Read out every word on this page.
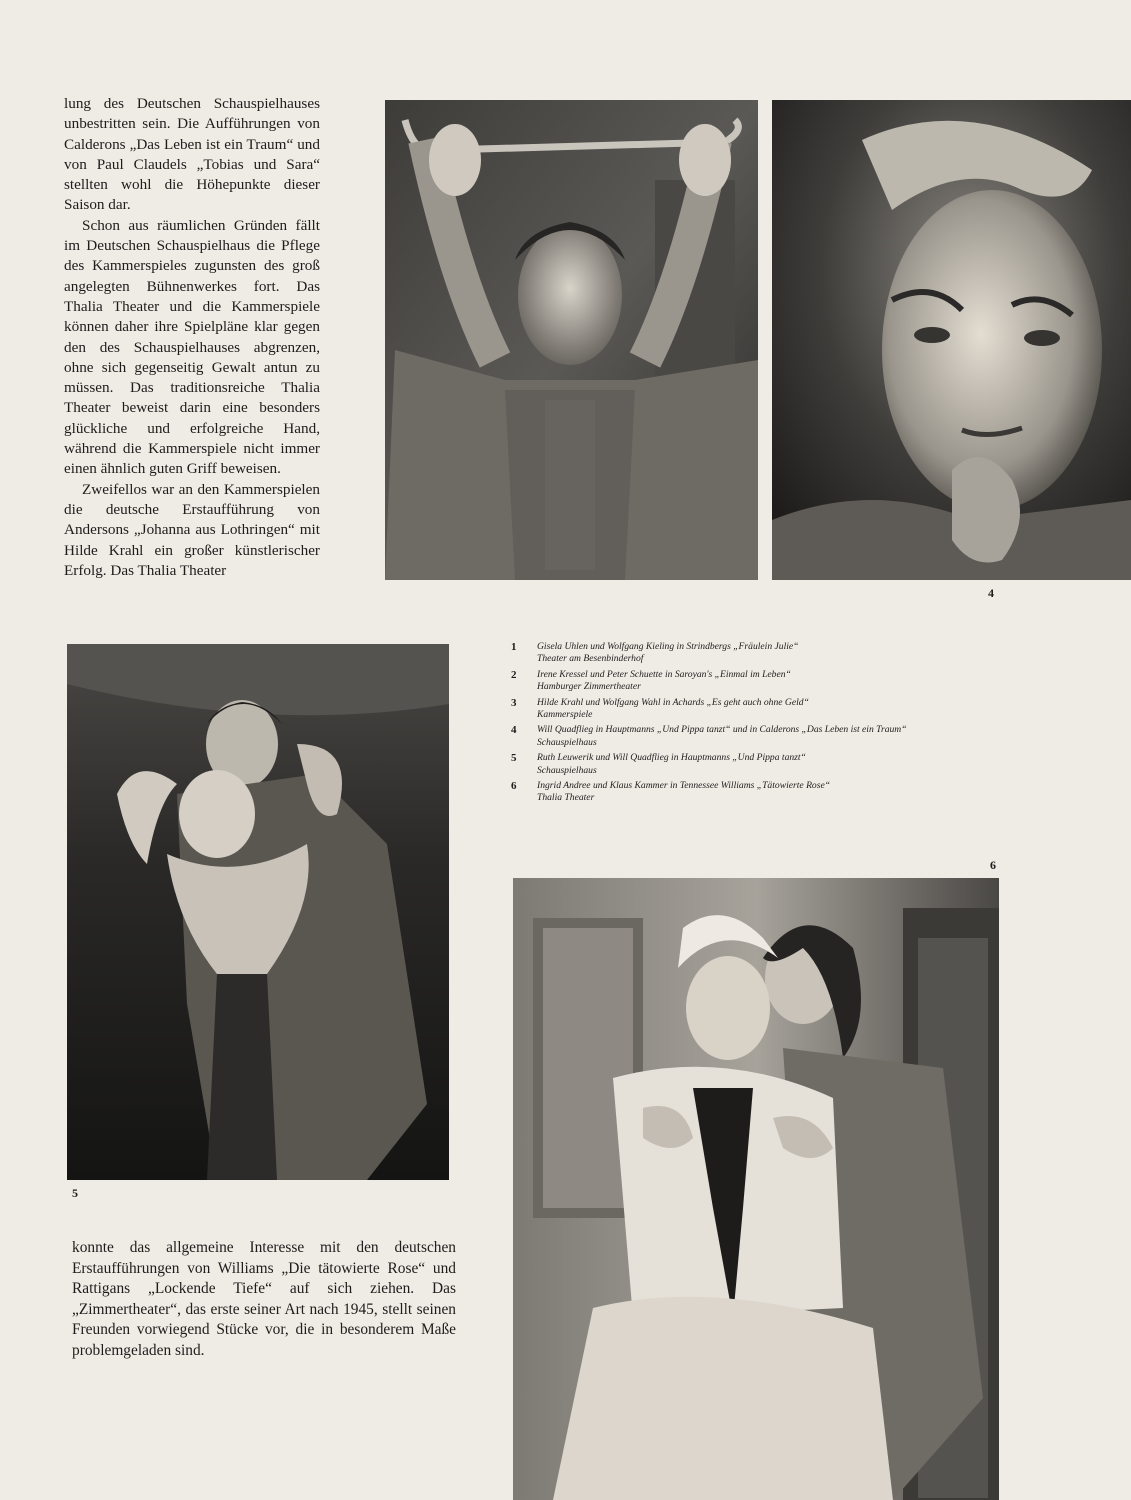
lung des Deutschen Schauspielhauses unbestritten sein. Die Aufführungen von Calderons „Das Leben ist ein Traum“ und von Paul Claudels „Tobias und Sara“ stellten wohl die Höhepunkte dieser Saison dar.

Schon aus räumlichen Gründen fällt im Deutschen Schauspielhaus die Pflege des Kammerspieles zugunsten des groß angelegten Bühnenwerkes fort. Das Thalia Theater und die Kammerspiele können daher ihre Spielpläne klar gegen den des Schauspielhauses abgrenzen, ohne sich gegenseitig Gewalt antun zu müssen. Das traditionsreiche Thalia Theater beweist darin eine besonders glückliche und erfolgreiche Hand, während die Kammerspiele nicht immer einen ähnlich guten Griff beweisen.

Zweifellos war an den Kammerspielen die deutsche Erstaufführung von Andersons „Johanna aus Lothringen“ mit Hilde Krahl ein großer künstlerischer Erfolg. Das Thalia Theater

4
5
1	Gisela Uhlen und Wolfgang Kieling in Strindbergs „Fräulein Julie“
Theater am Besenbinderhof
2	Irene Kressel und Peter Schuette in Saroyan's „Einmal im Leben“
Hamburger Zimmertheater
3	Hilde Krahl und Wolfgang Wahl in Achards „Es geht auch ohne Geld“
Kammerspiele
4	Will Quadflieg in Hauptmanns „Und Pippa tanzt“ und in Calderons „Das Leben ist ein Traum“
Schauspielhaus
5	Ruth Leuwerik und Will Quadflieg in Hauptmanns „Und Pippa tanzt“
Schauspielhaus
6	Ingrid Andree und Klaus Kammer in Tennessee Williams „Tätowierte Rose“
Thalia Theater
6

konnte das allgemeine Interesse mit den deutschen Erstaufführungen von Williams „Die tätowierte Rose“ und Rattigans „Lockende Tiefe“ auf sich ziehen. Das „Zimmertheater“, das erste seiner Art nach 1945, stellt seinen Freunden vorwiegend Stücke vor, die in besonderem Maße problemgeladen sind.
